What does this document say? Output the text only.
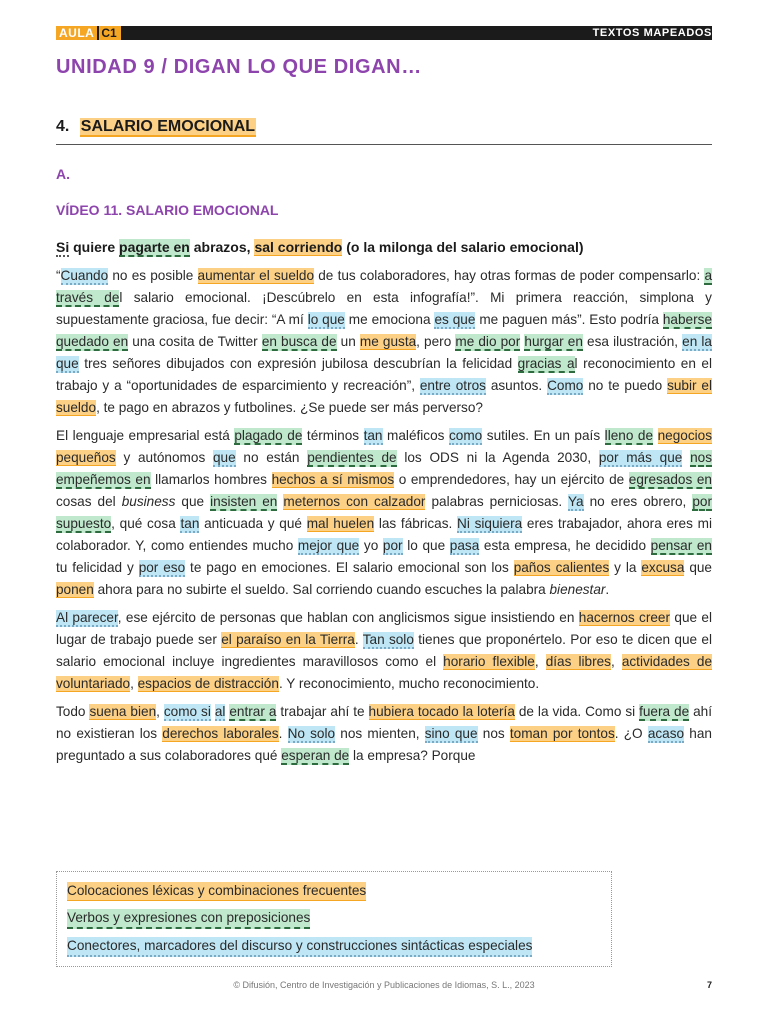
AULA C1	TEXTOS MAPEADOS
UNIDAD 9 / DIGAN LO QUE DIGAN…
4. SALARIO EMOCIONAL
A.
VÍDEO 11. SALARIO EMOCIONAL
Si quiere pagarte en abrazos, sal corriendo (o la milonga del salario emocional)

“Cuando no es posible aumentar el sueldo de tus colaboradores, hay otras formas de poder compensarlo: a través del salario emocional. ¡Descúbrelo en esta infografía!”. Mi primera reacción, simplona y supuestamente graciosa, fue decir: “A mí lo que me emociona es que me paguen más”. Esto podría haberse quedado en una cosita de Twitter en busca de un me gusta, pero me dio por hurgar en esa ilustración, en la que tres señores dibujados con expresión jubilosa descubrían la felicidad gracias al reconocimiento en el trabajo y a “oportunidades de esparcimiento y recreación”, entre otros asuntos. Como no te puedo subir el sueldo, te pago en abrazos y futbolines. ¿Se puede ser más perverso?

El lenguaje empresarial está plagado de términos tan maléficos como sutiles. En un país lleno de negocios pequeños y autónomos que no están pendientes de los ODS ni la Agenda 2030, por más que nos empeñemos en llamarlos hombres hechos a sí mismos o emprendedores, hay un ejército de egresados en cosas del business que insisten en meternos con calzador palabras perniciosas. Ya no eres obrero, por supuesto, qué cosa tan anticuada y qué mal huelen las fábricas. Ni siquiera eres trabajador, ahora eres mi colaborador. Y, como entiendes mucho mejor que yo por lo que pasa esta empresa, he decidido pensar en tu felicidad y por eso te pago en emociones. El salario emocional son los paños calientes y la excusa que ponen ahora para no subirte el sueldo. Sal corriendo cuando escuches la palabra bienestar.

Al parecer, ese ejército de personas que hablan con anglicismos sigue insistiendo en hacernos creer que el lugar de trabajo puede ser el paraíso en la Tierra. Tan solo tienes que proponértelo. Por eso te dicen que el salario emocional incluye ingredientes maravillosos como el horario flexible, días libres, actividades de voluntariado, espacios de distracción. Y reconocimiento, mucho reconocimiento.

Todo suena bien, como si al entrar a trabajar ahí te hubiera tocado la lotería de la vida. Como si fuera de ahí no existieran los derechos laborales. No solo nos mienten, sino que nos toman por tontos. ¿O acaso han preguntado a sus colaboradores qué esperan de la empresa? Porque

Colocaciones léxicas y combinaciones frecuentes
Verbos y expresiones con preposiciones
Conectores, marcadores del discurso y construcciones sintácticas especiales
© Difusión, Centro de Investigación y Publicaciones de Idiomas, S. L., 2023	7
